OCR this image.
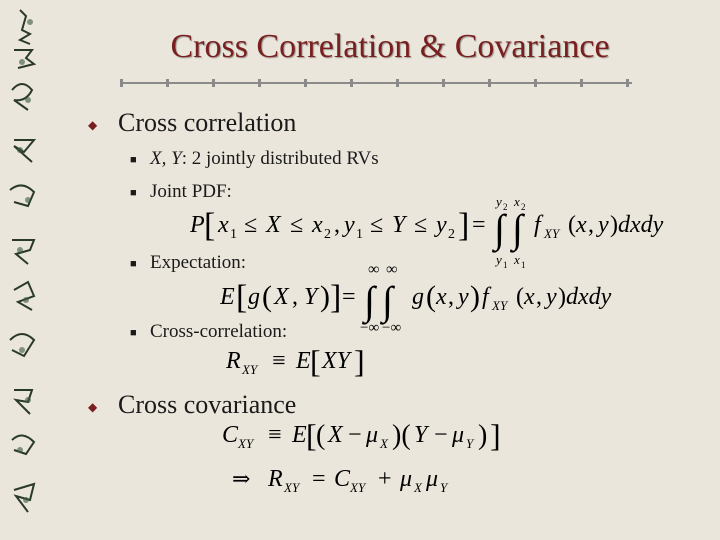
Cross Correlation & Covariance
◆ Cross correlation
■ X, Y: 2 jointly distributed RVs
■ Joint PDF:
P [ x 1 ≤ X ≤ x 2 , y 1 ≤ Y ≤ y 2 ] =
y 2 x 2
∫ ∫
y 1 x 1
f XY ( x , y ) dxdy
■ Expectation:
E [ g ( X , Y ) ] =
∞ ∞
∫ ∫ g ( x , y ) f XY ( x , y ) dxdy
−∞ −∞
■ Cross-correlation:
R XY ≡ E [ XY ]
◆ Cross covariance
C XY ≡ E [ ( X − μ X )( Y − μ Y ) ]
⇒ R XY = C XY + μ X μ Y
